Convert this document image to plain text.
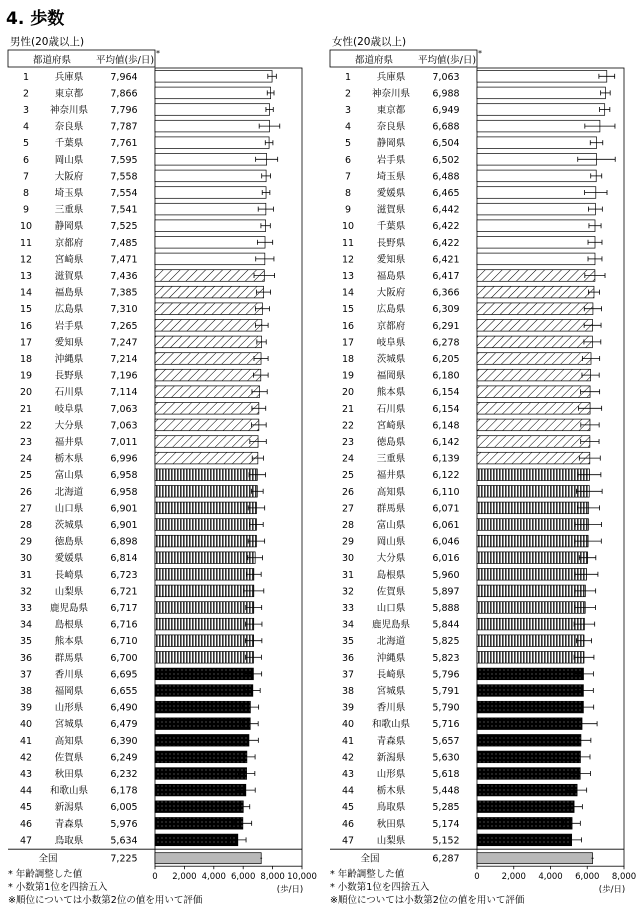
4. 歩数
男性(20歳以上)
都道府県	平均値(歩/日)
*
1	兵庫県	7,964
2	東京都	7,866
3 神奈川県 7,796
4	奈良県	7,787
5	千葉県	7,761
6	岡山県	7,595
7	大阪府	7,558
8	埼玉県	7,554
9	三重県	7,541
10 静岡県	7,525
11 京都府	7,485
12 宮崎県	7,471
13 滋賀県	7,436
14 福島県	7,385
15 広島県	7,310
16 岩手県	7,265
17 愛知県	7,247
18 沖縄県	7,214
19 長野県	7,196
20 石川県	7,114
21 岐阜県	7,063
22 大分県	7,063
23 福井県	7,011
24 栃木県	6,996
25 富山県	6,958
26 北海道	6,958
27 山口県	6,901
28 茨城県	6,901
29 徳島県	6,898
30 愛媛県	6,814
31 長崎県	6,723
32 山梨県	6,721
33 鹿児島県 6,717
34 島根県	6,716
35 熊本県	6,710
36 群馬県	6,700
37 香川県	6,695
38 福岡県	6,655
39 山形県	6,490
40 宮城県	6,479
41 高知県	6,390
42 佐賀県	6,249
43 秋田県	6,232
44 和歌山県 6,178
45 新潟県	6,005
46 青森県	5,976
47 鳥取県	5,634
全国	7,225
0 2,000 4,000 6,000 8,000 10,000
(歩/日)
女性(20歳以上)
都道府県	平均値(歩/日)
*
1	兵庫県	7,063
2 神奈川県 6,988
3	東京都	6,949
4	奈良県	6,688
5	静岡県	6,504
6	岩手県	6,502
7	埼玉県	6,488
8	愛媛県	6,465
9	滋賀県	6,442
10 千葉県	6,422
11 長野県	6,422
12 愛知県	6,421
13 福島県	6,417
14 大阪府	6,366
15 広島県	6,309
16 京都府	6,291
17 岐阜県	6,278
18 茨城県	6,205
19 福岡県	6,180
20 熊本県	6,154
21 石川県	6,154
22 宮崎県	6,148
23 徳島県	6,142
24 三重県	6,139
25 福井県	6,122
26 高知県	6,110
27 群馬県	6,071
28 富山県	6,061
29 岡山県	6,046
30 大分県	6,016
31 島根県	5,960
32 佐賀県	5,897
33 山口県	5,888
34 鹿児島県 5,844
35 北海道	5,825
36 沖縄県	5,823
37 長崎県	5,796
38 宮城県	5,791
39 香川県	5,790
40 和歌山県 5,716
41 青森県	5,657
42 新潟県	5,630
43 山形県	5,618
44 栃木県	5,448
45 鳥取県	5,285
46 秋田県	5,174
47 山梨県	5,152
全国	6,287
0	2,000 4,000 6,000 8,000
(歩/日)
* 年齢調整した値
* 小数第1位を四捨五入
※順位については小数第2位の値を用いて評価
* 年齢調整した値
* 小数第1位を四捨五入
※順位については小数第2位の値を用いて評価
